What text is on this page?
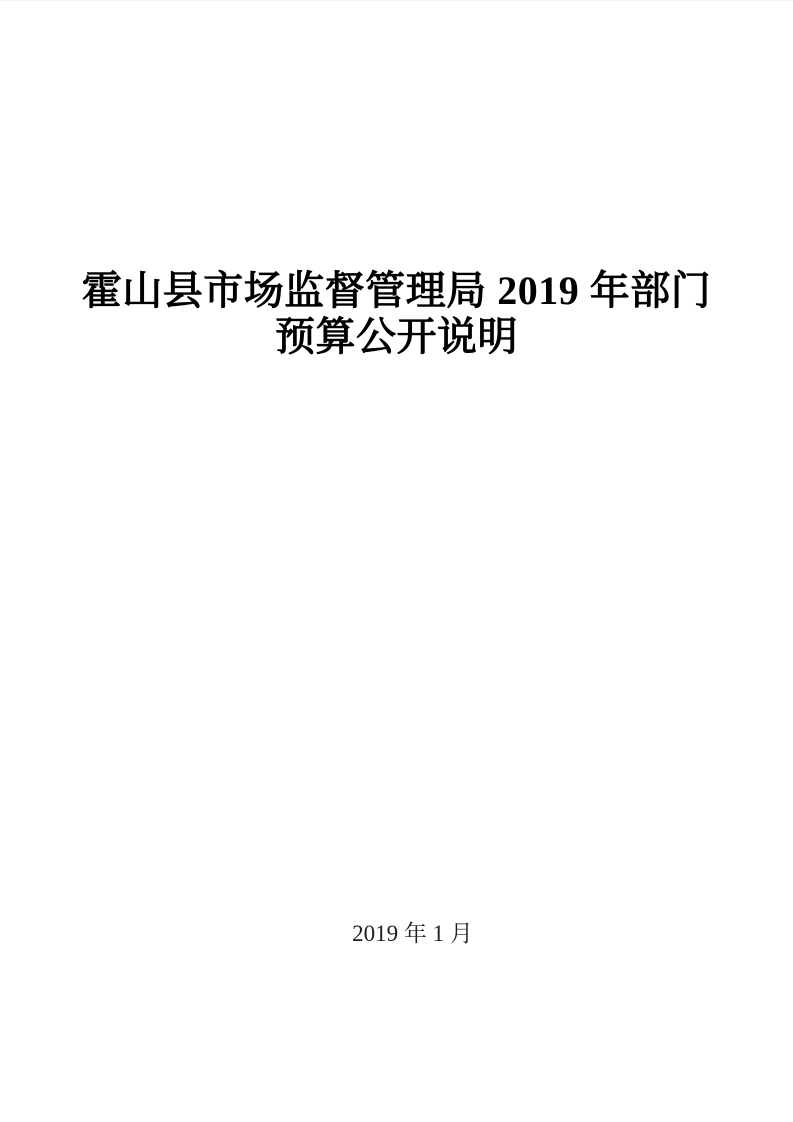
霍山县市场监督管理局 2019 年部门
预算公开说明
2019 年 1 月
